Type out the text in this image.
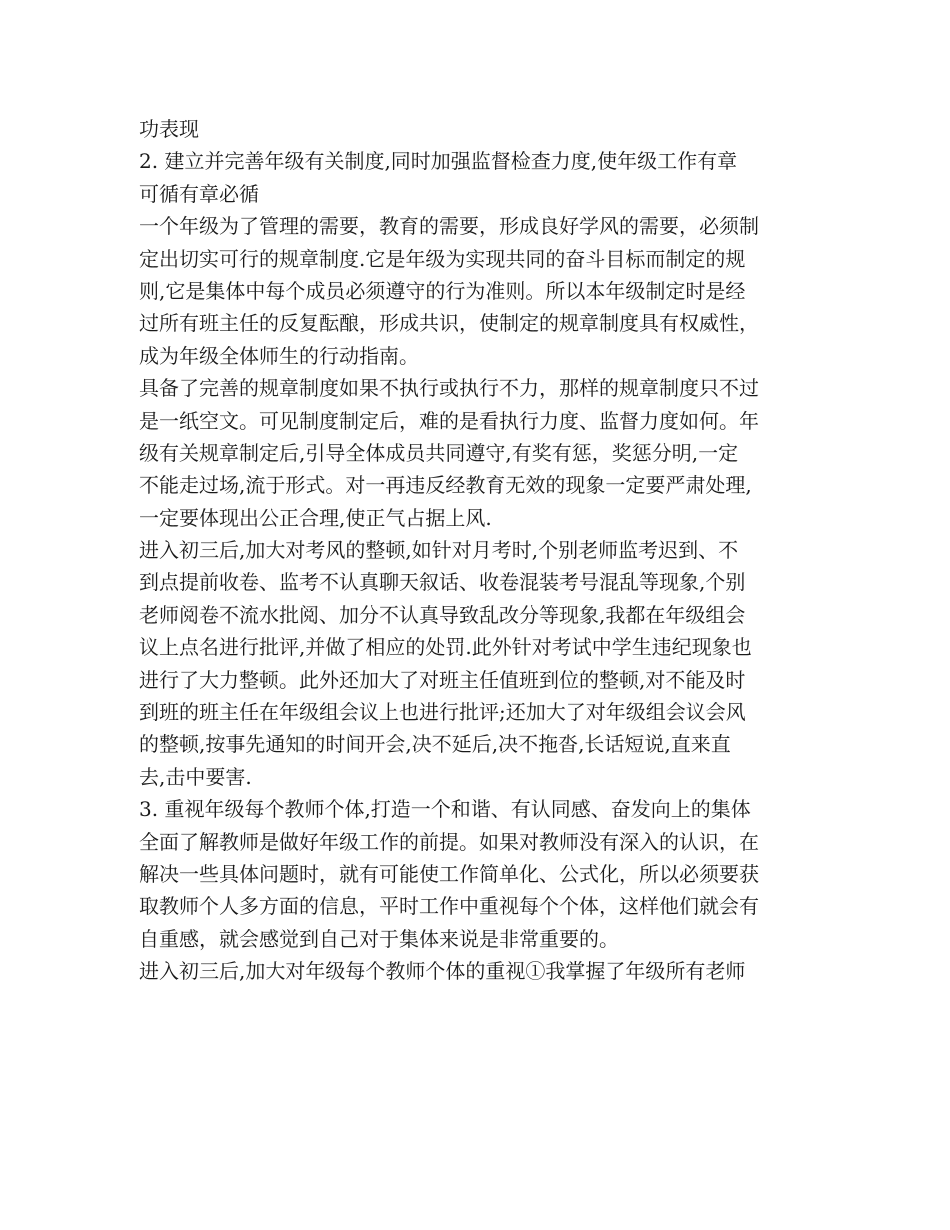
功表现
2. 建立并完善年级有关制度,同时加强监督检查力度,使年级工作有章
可循有章必循
一个年级为了管理的需要，教育的需要，形成良好学风的需要，必须制
定出切实可行的规章制度.它是年级为实现共同的奋斗目标而制定的规
则,它是集体中每个成员必须遵守的行为准则。所以本年级制定时是经
过所有班主任的反复酝酿，形成共识，使制定的规章制度具有权威性，
成为年级全体师生的行动指南。
具备了完善的规章制度如果不执行或执行不力，那样的规章制度只不过
是一纸空文。可见制度制定后，难的是看执行力度、监督力度如何。年
级有关规章制定后,引导全体成员共同遵守,有奖有惩，奖惩分明,一定
不能走过场,流于形式。对一再违反经教育无效的现象一定要严肃处理,
一定要体现出公正合理,使正气占据上风.
进入初三后,加大对考风的整顿,如针对月考时,个别老师监考迟到、不
到点提前收卷、监考不认真聊天叙话、收卷混装考号混乱等现象,个别
老师阅卷不流水批阅、加分不认真导致乱改分等现象,我都在年级组会
议上点名进行批评,并做了相应的处罚.此外针对考试中学生违纪现象也
进行了大力整顿。此外还加大了对班主任值班到位的整顿,对不能及时
到班的班主任在年级组会议上也进行批评;还加大了对年级组会议会风
的整顿,按事先通知的时间开会,决不延后,决不拖沓,长话短说,直来直
去,击中要害.
3. 重视年级每个教师个体,打造一个和谐、有认同感、奋发向上的集体
全面了解教师是做好年级工作的前提。如果对教师没有深入的认识，在
解决一些具体问题时，就有可能使工作简单化、公式化，所以必须要获
取教师个人多方面的信息，平时工作中重视每个个体，这样他们就会有
自重感，就会感觉到自己对于集体来说是非常重要的。
进入初三后,加大对年级每个教师个体的重视①我掌握了年级所有老师
